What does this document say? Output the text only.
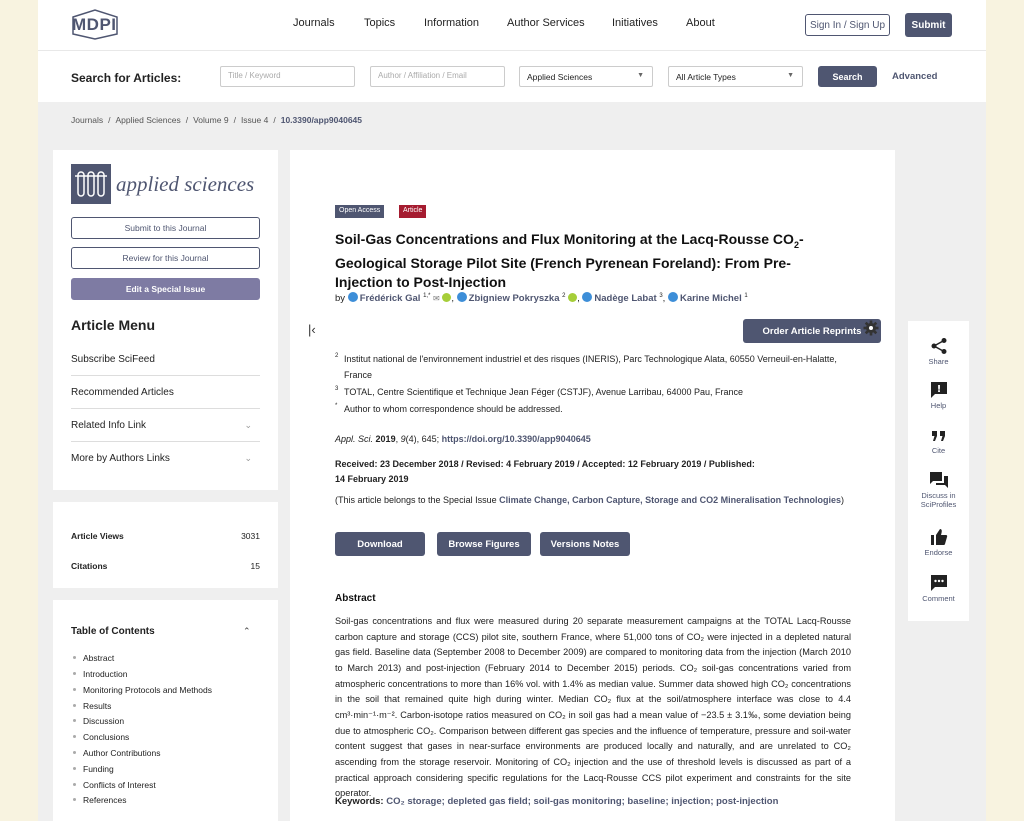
MDPI	Journals	Topics	Information	Author Services Initiatives	About	Sign In / Sign Up	Submit
Search for Articles:	Title / Keyword	Author / Affiliation / Email	Applied Sciences	▼	All Article Types	▼	Search	Advanced
Journals / Applied Sciences / Volume 9 / Issue 4 / 10.3390/app9040645
applied sciences
Submit to this Journal
Review for this Journal
Edit a Special Issue
Article Menu
Subscribe SciFeed
Recommended Articles
Related Info Link	⌄
More by Authors Links	⌄
Article Views	3031
Citations	15
Table of Contents	⌃
Abstract
Introduction
Monitoring Protocols and Methods
Results
Discussion
Conclusions
Author Contributions
Funding
Conflicts of Interest
References
Open Access	Article
Soil-Gas Concentrations and Flux Monitoring at the Lacq-Rousse $CO_2-$ Geological Storage Pilot Site (French Pyrenean Foreland): From Pre-Injection to Post-Injection
by Frédérick Gal $^{1,*}$ ✉ , Zbigniew Pokryszka $^2$ , Nadège Labat $^3$, Karine Michel $^1$
|‹	Order Article Reprints
2 Institut national de l'environnement industriel et des risques (INERIS), Parc Technologique Alata, 60550 Verneuil-en-Halatte, France
3 TOTAL, Centre Scientifique et Technique Jean Féger (CSTJF), Avenue Larribau, 64000 Pau, France
* Author to whom correspondence should be addressed.
Appl. Sci. 2019, 9(4), 645; https://doi.org/10.3390/app9040645
Received: 23 December 2018 / Revised: 4 February 2019 / Accepted: 12 February 2019 / Published: 14 February 2019
(This article belongs to the Special Issue Climate Change, Carbon Capture, Storage and CO2 Mineralisation Technologies)
Download	Browse Figures	Versions Notes
Abstract
Soil-gas concentrations and flux were measured during 20 separate measurement campaigns at the TOTAL Lacq-Rousse carbon capture and storage (CCS) pilot site, southern France, where 51,000 tons of CO₂ were injected in a depleted natural gas field. Baseline data (September 2008 to December 2009) are compared to monitoring data from the injection (March 2010 to March 2013) and post-injection (February 2014 to December 2015) periods. CO₂ soil-gas concentrations varied from atmospheric concentrations to more than 16% vol. with 1.4% as median value. Summer data showed high CO₂ concentrations in the soil that remained quite high during winter. Median CO₂ flux at the soil/atmosphere interface was close to 4.4 cm³·min⁻¹·m⁻². Carbon-isotope ratios measured on CO₂ in soil gas had a mean value of −23.5 ± 3.1‰, some deviation being due to atmospheric CO₂. Comparison between different gas species and the influence of temperature, pressure and soil-water content suggest that gases in near-surface environments are produced locally and naturally, and are unrelated to CO₂ ascending from the storage reservoir. Monitoring of CO₂ injection and the use of threshold levels is discussed as part of a practical approach considering specific regulations for the Lacq-Rousse CCS pilot experiment and constraints for the site operator.
Keywords: CO₂ storage; depleted gas field; soil-gas monitoring; baseline; injection; post-injection
Share
!
Help
Cite
Discuss in SciProfiles
Endorse
Comment
